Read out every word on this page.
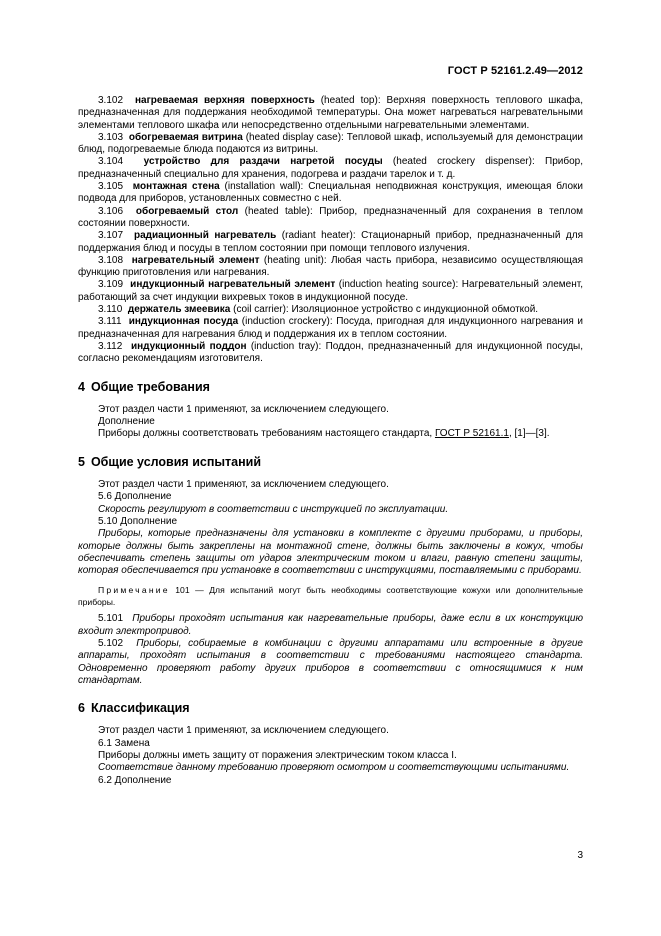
ГОСТ Р 52161.2.49—2012

3.102 нагреваемая верхняя поверхность (heated top): Верхняя поверхность теплового шкафа, предназначенная для поддержания необходимой температуры. Она может нагреваться нагревательными элементами теплового шкафа или непосредственно отдельными нагревательными элементами.

3.103 обогреваемая витрина (heated display case): Тепловой шкаф, используемый для демонстрации блюд, подогреваемые блюда подаются из витрины.

3.104 устройство для раздачи нагретой посуды (heated crockery dispenser): Прибор, предназначенный специально для хранения, подогрева и раздачи тарелок и т. д.

3.105 монтажная стена (installation wall): Специальная неподвижная конструкция, имеющая блоки подвода для приборов, установленных совместно с ней.

3.106 обогреваемый стол (heated table): Прибор, предназначенный для сохранения в теплом состоянии поверхности.

3.107 радиационный нагреватель (radiant heater): Стационарный прибор, предназначенный для поддержания блюд и посуды в теплом состоянии при помощи теплового излучения.

3.108 нагревательный элемент (heating unit): Любая часть прибора, независимо осуществляющая функцию приготовления или нагревания.

3.109 индукционный нагревательный элемент (induction heating source): Нагревательный элемент, работающий за счет индукции вихревых токов в индукционной посуде.

3.110 держатель змеевика (coil carrier): Изоляционное устройство с индукционной обмоткой.

3.111 индукционная посуда (induction crockery): Посуда, пригодная для индукционного нагревания и предназначенная для нагревания блюд и поддержания их в теплом состоянии.

3.112 индукционный поддон (induction tray): Поддон, предназначенный для индукционной посуды, согласно рекомендациям изготовителя.

4 Общие требования

Этот раздел части 1 применяют, за исключением следующего.

Дополнение

Приборы должны соответствовать требованиям настоящего стандарта, ГОСТ Р 52161.1, [1]—[3].

5 Общие условия испытаний

Этот раздел части 1 применяют, за исключением следующего.

5.6 Дополнение

Скорость регулируют в соответствии с инструкцией по эксплуатации.

5.10 Дополнение

Приборы, которые предназначены для установки в комплекте с другими приборами, и приборы, которые должны быть закреплены на монтажной стене, должны быть заключены в кожух, чтобы обеспечивать степень защиты от ударов электрическим током и влаги, равную степени защиты, которая обеспечивается при установке в соответствии с инструкциями, поставляемыми с приборами.

Примечание 101 — Для испытаний могут быть необходимы соответствующие кожухи или дополнительные приборы.

5.101 Приборы проходят испытания как нагревательные приборы, даже если в их конструкцию входит электропривод.

5.102 Приборы, собираемые в комбинации с другими аппаратами или встроенные в другие аппараты, проходят испытания в соответствии с требованиями настоящего стандарта. Одновременно проверяют работу других приборов в соответствии с относящимися к ним стандартам.

6 Классификация

Этот раздел части 1 применяют, за исключением следующего.

6.1 Замена

Приборы должны иметь защиту от поражения электрическим током класса I.

Соответствие данному требованию проверяют осмотром и соответствующими испытаниями.

6.2 Дополнение

3
